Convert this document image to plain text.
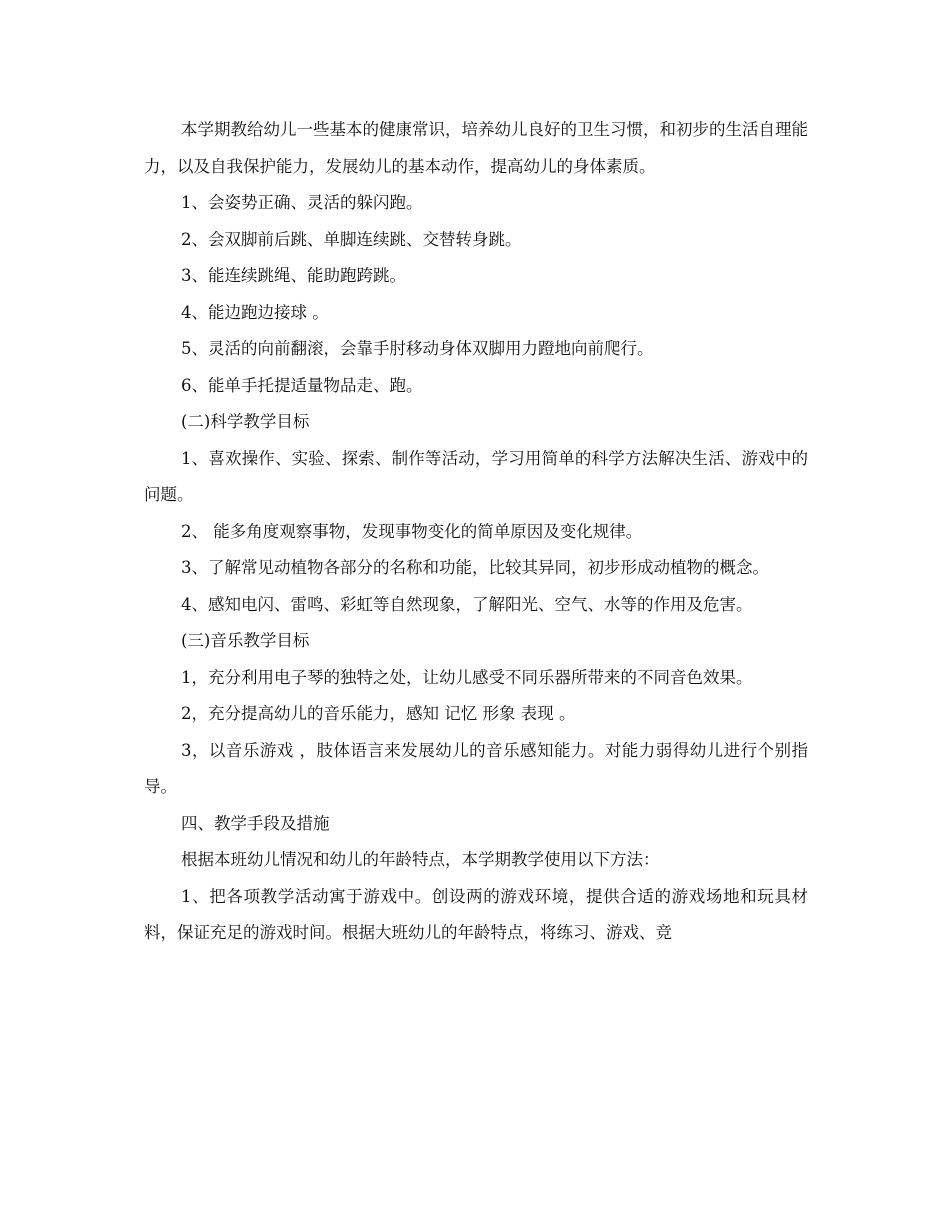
本学期教给幼儿一些基本的健康常识，培养幼儿良好的卫生习惯，和初步的生活自理能力，以及自我保护能力，发展幼儿的基本动作，提高幼儿的身体素质。

1、会姿势正确、灵活的躲闪跑。

2、会双脚前后跳、单脚连续跳、交替转身跳。

3、能连续跳绳、能助跑跨跳。

4、能边跑边接球 。

5、灵活的向前翻滚，会靠手肘移动身体双脚用力蹬地向前爬行。

6、能单手托提适量物品走、跑。

(二)科学教学目标

1、喜欢操作、实验、探索、制作等活动，学习用简单的科学方法解决生活、游戏中的问题。

2、 能多角度观察事物，发现事物变化的简单原因及变化规律。

3、了解常见动植物各部分的名称和功能，比较其异同，初步形成动植物的概念。

4、感知电闪、雷鸣、彩虹等自然现象，了解阳光、空气、水等的作用及危害。

(三)音乐教学目标

1，充分利用电子琴的独特之处，让幼儿感受不同乐器所带来的不同音色效果。

2，充分提高幼儿的音乐能力，感知 记忆 形象 表现 。

3，以音乐游戏 ，肢体语言来发展幼儿的音乐感知能力。对能力弱得幼儿进行个别指导。

四、教学手段及措施

根据本班幼儿情况和幼儿的年龄特点，本学期教学使用以下方法：

1、把各项教学活动寓于游戏中。创设两的游戏环境，提供合适的游戏场地和玩具材料，保证充足的游戏时间。根据大班幼儿的年龄特点，将练习、游戏、竞
